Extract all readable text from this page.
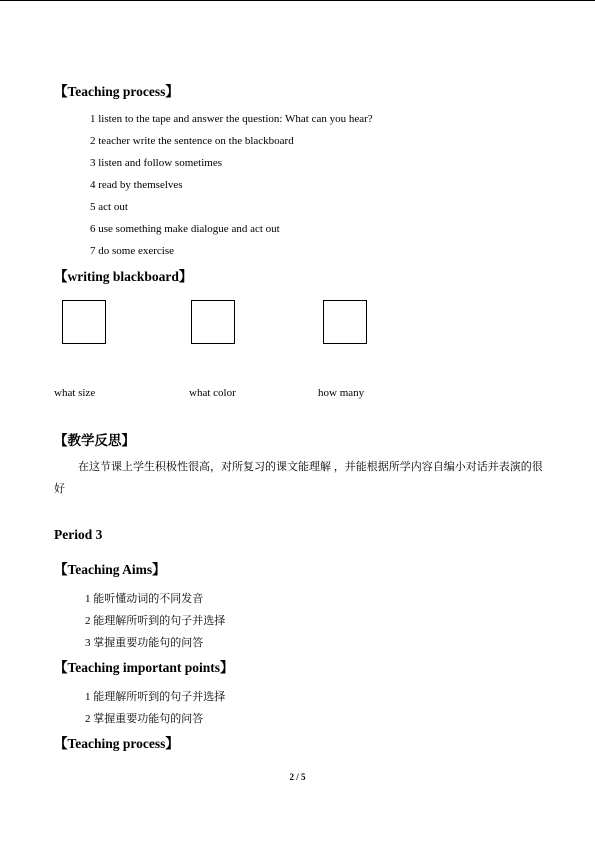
【Teaching process】
1 listen to the tape and answer the question: What can you hear?
2 teacher write the sentence on the blackboard
3 listen and follow sometimes
4 read by themselves
5 act out
6 use something make dialogue and act out
7 do some exercise
【writing blackboard】
what size	what color	how many
【教学反思】
在这节课上学生积极性很高，对所复习的课文能理解 ，并能根据所学内容自编小对话并表演的很好
Period 3
【Teaching Aims】
1 能听懂动词的不同发音
2 能理解所听到的句子并选择
3 掌握重要功能句的问答
【Teaching important points】
1 能理解所听到的句子并选择
2 掌握重要功能句的问答
【Teaching process】
2 / 5
